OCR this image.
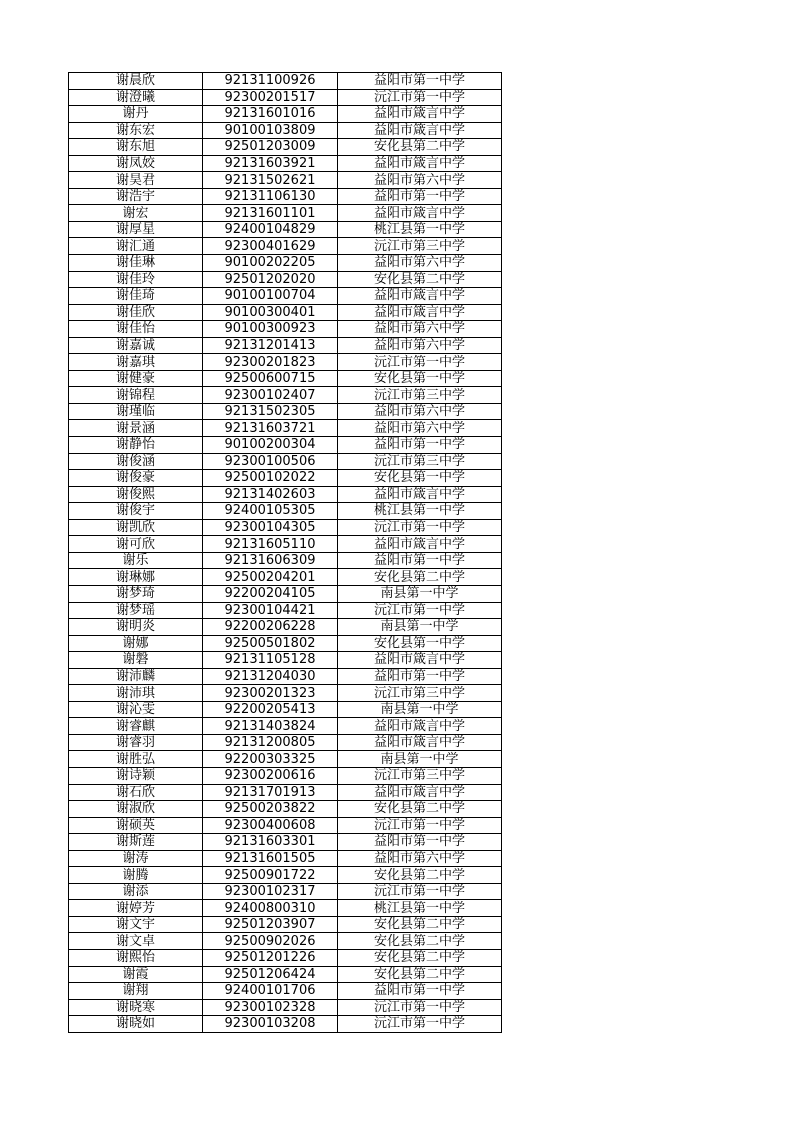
谢晨欣	92131100926	益阳市第一中学
谢澄曦	92300201517	沅江市第一中学
谢丹	92131601016	益阳市箴言中学
谢东宏	90100103809	益阳市箴言中学
谢东旭	92501203009	安化县第二中学
谢凤姣	92131603921	益阳市箴言中学
谢昊君	92131502621	益阳市第六中学
谢浩宇	92131106130	益阳市第一中学
谢宏	92131601101	益阳市箴言中学
谢厚星	92400104829	桃江县第一中学
谢汇通	92300401629	沅江市第三中学
谢佳琳	90100202205	益阳市第六中学
谢佳玲	92501202020	安化县第二中学
谢佳琦	90100100704	益阳市箴言中学
谢佳欣	90100300401	益阳市箴言中学
谢佳怡	90100300923	益阳市第六中学
谢嘉诚	92131201413	益阳市第六中学
谢嘉琪	92300201823	沅江市第一中学
谢健豪	92500600715	安化县第一中学
谢锦程	92300102407	沅江市第三中学
谢瑾临	92131502305	益阳市第六中学
谢景涵	92131603721	益阳市第六中学
谢静怡	90100200304	益阳市第一中学
谢俊涵	92300100506	沅江市第三中学
谢俊豪	92500102022	安化县第一中学
谢俊熙	92131402603	益阳市箴言中学
谢俊宇	92400105305	桃江县第一中学
谢凯欣	92300104305	沅江市第一中学
谢可欣	92131605110	益阳市箴言中学
谢乐	92131606309	益阳市第一中学
谢琳娜	92500204201	安化县第二中学
谢梦琦	92200204105	南县第一中学
谢梦瑶	92300104421	沅江市第一中学
谢明炎	92200206228	南县第一中学
谢娜	92500501802	安化县第一中学
谢磐	92131105128	益阳市箴言中学
谢沛麟	92131204030	益阳市第一中学
谢沛琪	92300201323	沅江市第三中学
谢沁雯	92200205413	南县第一中学
谢睿麒	92131403824	益阳市箴言中学
谢睿羽	92131200805	益阳市箴言中学
谢胜弘	92200303325	南县第一中学
谢诗颖	92300200616	沅江市第三中学
谢石欣	92131701913	益阳市箴言中学
谢淑欣	92500203822	安化县第二中学
谢硕英	92300400608	沅江市第一中学
谢斯莲	92131603301	益阳市第一中学
谢涛	92131601505	益阳市第六中学
谢腾	92500901722	安化县第二中学
谢添	92300102317	沅江市第一中学
谢婷芳	92400800310	桃江县第一中学
谢文宇	92501203907	安化县第二中学
谢文卓	92500902026	安化县第二中学
谢熙怡	92501201226	安化县第二中学
谢霞	92501206424	安化县第二中学
谢翔	92400101706	益阳市第一中学
谢晓寒	92300102328	沅江市第一中学
谢晓如	92300103208	沅江市第一中学
